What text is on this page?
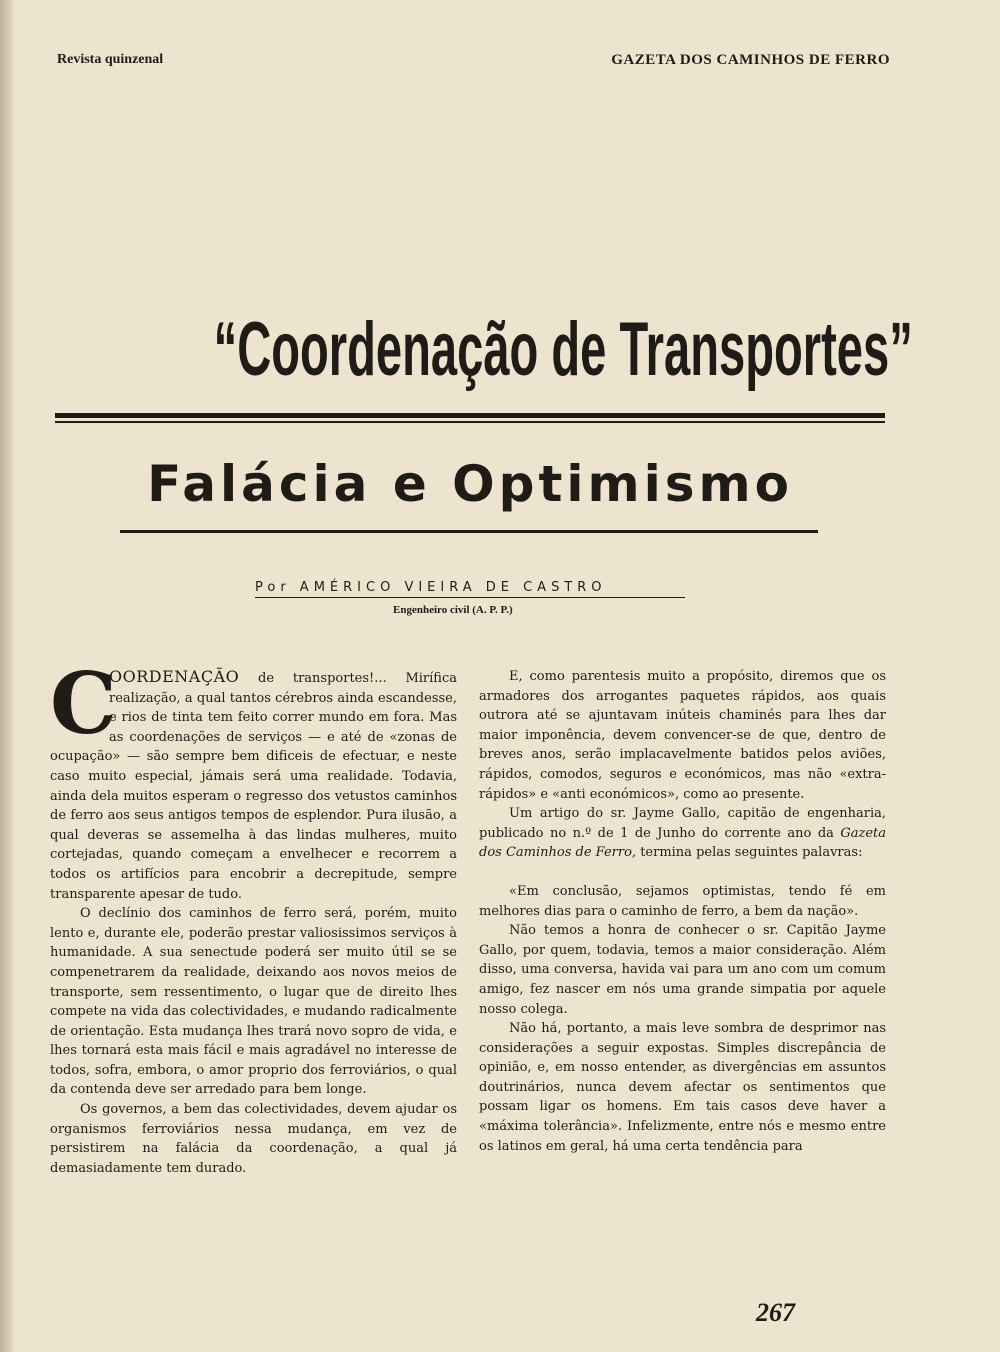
Revista quinzenal	GAZETA DOS CAMINHOS DE FERRO
“Coordenação de Transportes”
Falácia e Optimismo
Por AMÉRICO VIEIRA DE CASTRO
Engenheiro civil (A. P. P.)

C
OORDENAÇÃO de transportes!... Mirífica realização, a qual tantos cérebros ainda escandesse, e rios de tinta tem feito correr mundo em fora. Mas as coordenações de serviços — e até de «zonas de ocupação» — são sempre bem dificeis de efectuar, e neste caso muito especial, jámais será uma realidade. Todavia, ainda dela muitos esperam o regresso dos vetustos caminhos de ferro aos seus antigos tempos de esplendor. Pura ilusão, a qual deveras se assemelha à das lindas mulheres, muito cortejadas, quando começam a envelhecer e recorrem a todos os artifícios para encobrir a decrepitude, sempre transparente apesar de tudo.

O declínio dos caminhos de ferro será, porém, muito lento e, durante ele, poderão prestar valiosissimos serviços à humanidade. A sua senectude poderá ser muito útil se se compenetrarem da realidade, deixando aos novos meios de transporte, sem ressentimento, o lugar que de direito lhes compete na vida das colectividades, e mudando radicalmente de orientação. Esta mudança lhes trará novo sopro de vida, e lhes tornará esta mais fácil e mais agradável no interesse de todos, sofra, embora, o amor proprio dos ferroviários, o qual da contenda deve ser arredado para bem longe.

Os governos, a bem das colectividades, devem ajudar os organismos ferroviários nessa mudança, em vez de persistirem na falácia da coordenação, a qual já demasiadamente tem durado.

E, como parentesis muito a propósito, diremos que os armadores dos arrogantes paquetes rápidos, aos quais outrora até se ajuntavam inúteis chaminés para lhes dar maior imponência, devem convencer-se de que, dentro de breves anos, serão implacavelmente batidos pelos aviões, rápidos, comodos, seguros e económicos, mas não «extra-rápidos» e «anti económicos», como ao presente.

Um artigo do sr. Jayme Gallo, capitão de engenharia, publicado no n.º de 1 de Junho do corrente ano da Gazeta dos Caminhos de Ferro, termina pelas seguintes palavras:

«Em conclusão, sejamos optimistas, tendo fé em melhores dias para o caminho de ferro, a bem da nação».

Não temos a honra de conhecer o sr. Capitão Jayme Gallo, por quem, todavia, temos a maior consideração. Além disso, uma conversa, havida vai para um ano com um comum amigo, fez nascer em nós uma grande simpatia por aquele nosso colega.

Não há, portanto, a mais leve sombra de desprimor nas considerações a seguir expostas. Simples discrepância de opinião, e, em nosso entender, as divergências em assuntos doutrinários, nunca devem afectar os sentimentos que possam ligar os homens. Em tais casos deve haver a «máxima tolerância». Infelizmente, entre nós e mesmo entre os latinos em geral, há uma certa tendência para

267
